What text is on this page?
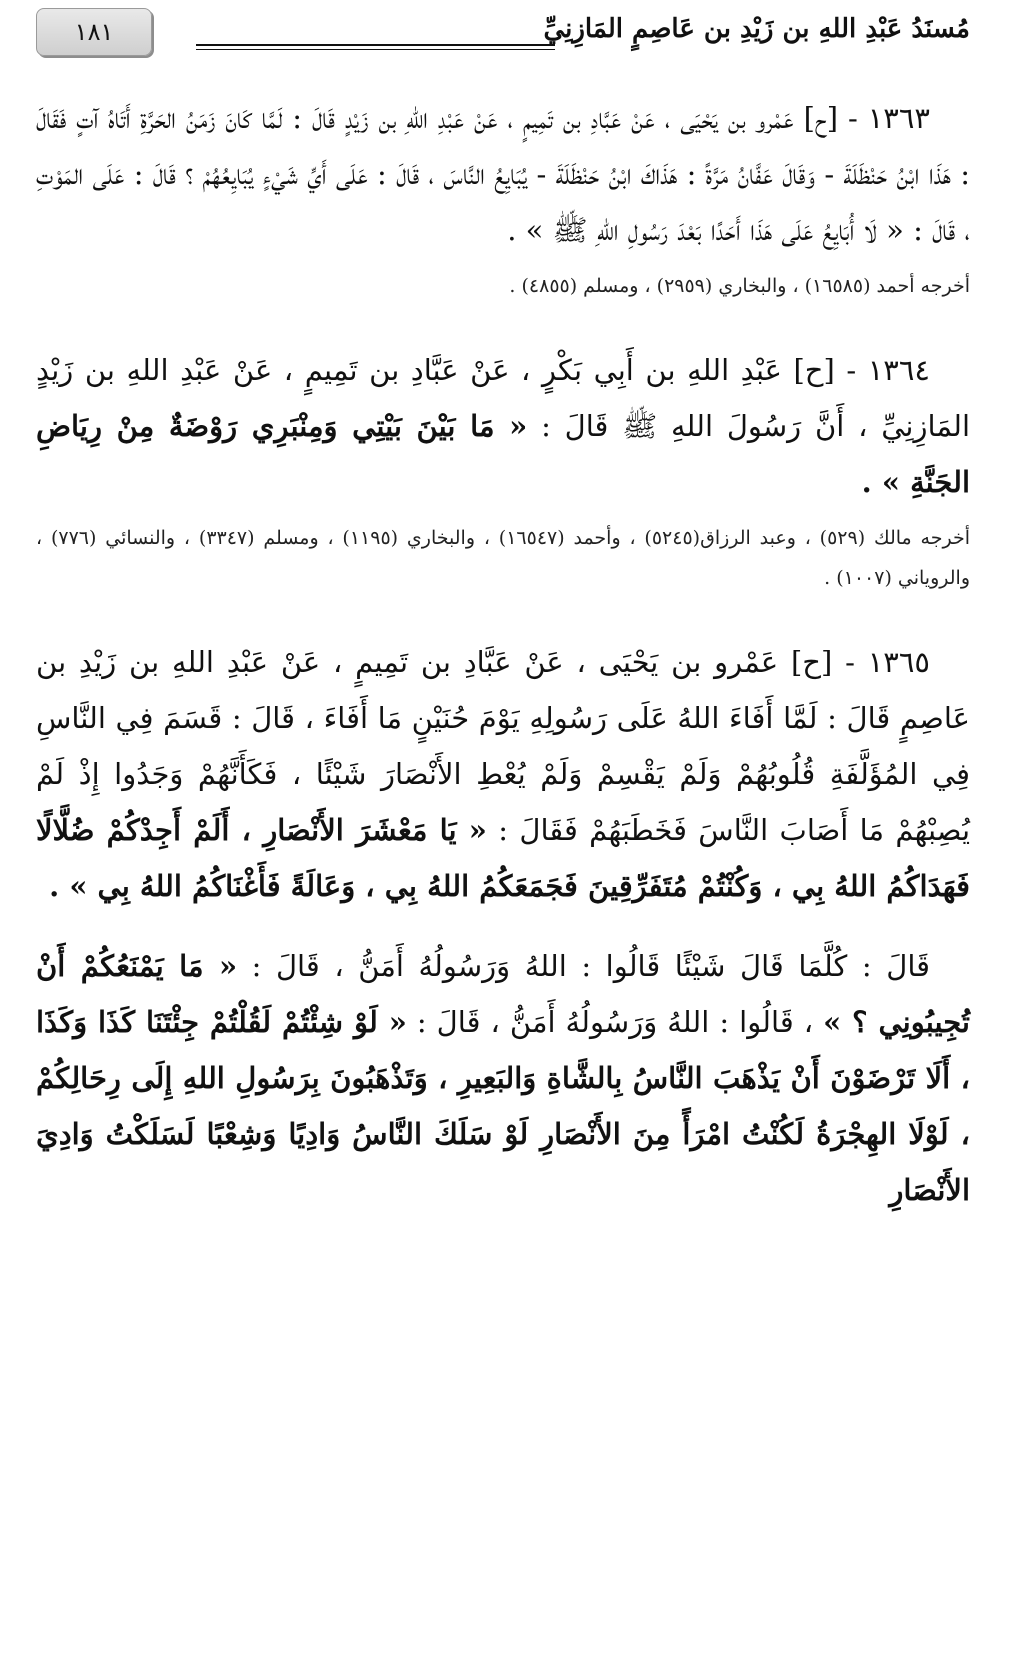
مُسنَدُ عَبْدِ اللهِ بن زَيْدِ بن عَاصِمٍ المَازِنِيِّ
١٨١

١٣٦٣ - [ح] عَمْرو بن يَحْيَى ، عَنْ عَبَّادِ بن تَمِيمٍ ، عَنْ عَبْدِ اللهِ بن زَيْدٍ قَالَ : لَمَّا كَانَ زَمَنُ الحَرَّةِ أَتَاهُ آتٍ فَقَالَ : هَذَا ابْنُ حَنْظَلَةَ - وَقَالَ عَفَّانُ مَرَّةً : هَذَاكَ ابْنُ حَنْظَلَةَ - يُبَايِعُ النَّاسَ ، قَالَ : عَلَى أَيِّ شَيْءٍ يُبَايِعُهُمْ ؟ قَالَ : عَلَى المَوْتِ ، قَالَ : « لَا أُبَايِعُ عَلَى هَذَا أَحَدًا بَعْدَ رَسُولِ اللهِ ﷺ » .

أخرجه أحمد (١٦٥٨٥) ، والبخاري (٢٩٥٩) ، ومسلم (٤٨٥٥) .

١٣٦٤ - [ح] عَبْدِ اللهِ بن أَبِي بَكْرٍ ، عَنْ عَبَّادِ بن تَمِيمٍ ، عَنْ عَبْدِ اللهِ بن زَيْدٍ المَازِنِيِّ ، أَنَّ رَسُولَ اللهِ ﷺ قَالَ : « مَا بَيْنَ بَيْتِي وَمِنْبَرِي رَوْضَةٌ مِنْ رِيَاضِ الجَنَّةِ » .

أخرجه مالك (٥٢٩) ، وعبد الرزاق(٥٢٤٥) ، وأحمد (١٦٥٤٧) ، والبخاري (١١٩٥) ، ومسلم (٣٣٤٧) ، والنسائي (٧٧٦) ، والروياني (١٠٠٧) .

١٣٦٥ - [ح] عَمْرو بن يَحْيَى ، عَنْ عَبَّادِ بن تَمِيمٍ ، عَنْ عَبْدِ اللهِ بن زَيْدِ بن عَاصِمٍ قَالَ : لَمَّا أَفَاءَ اللهُ عَلَى رَسُولِهِ يَوْمَ حُنَيْنٍ مَا أَفَاءَ ، قَالَ : قَسَمَ فِي النَّاسِ فِي المُؤَلَّفَةِ قُلُوبُهُمْ وَلَمْ يَقْسِمْ وَلَمْ يُعْطِ الأَنْصَارَ شَيْئًا ، فَكَأَنَّهُمْ وَجَدُوا إِذْ لَمْ يُصِبْهُمْ مَا أَصَابَ النَّاسَ فَخَطَبَهُمْ فَقَالَ : « يَا مَعْشَرَ الأَنْصَارِ ، أَلَمْ أَجِدْكُمْ ضُلَّالًا فَهَدَاكُمُ اللهُ بِي ، وَكُنْتُمْ مُتَفَرِّقِينَ فَجَمَعَكُمُ اللهُ بِي ، وَعَالَةً فَأَغْنَاكُمُ اللهُ بِي » .

قَالَ : كُلَّمَا قَالَ شَيْئًا قَالُوا : اللهُ وَرَسُولُهُ أَمَنُّ ، قَالَ : « مَا يَمْنَعُكُمْ أَنْ تُجِيبُونِي ؟ » ، قَالُوا : اللهُ وَرَسُولُهُ أَمَنُّ ، قَالَ : « لَوْ شِئْتُمْ لَقُلْتُمْ جِئْتَنَا كَذَا وَكَذَا ، أَلَا تَرْضَوْنَ أَنْ يَذْهَبَ النَّاسُ بِالشَّاةِ وَالبَعِيرِ ، وَتَذْهَبُونَ بِرَسُولِ اللهِ إِلَى رِحَالِكُمْ ، لَوْلَا الهِجْرَةُ لَكُنْتُ امْرَأً مِنَ الأَنْصَارِ لَوْ سَلَكَ النَّاسُ وَادِيًا وَشِعْبًا لَسَلَكْتُ وَادِيَ الأَنْصَارِ
